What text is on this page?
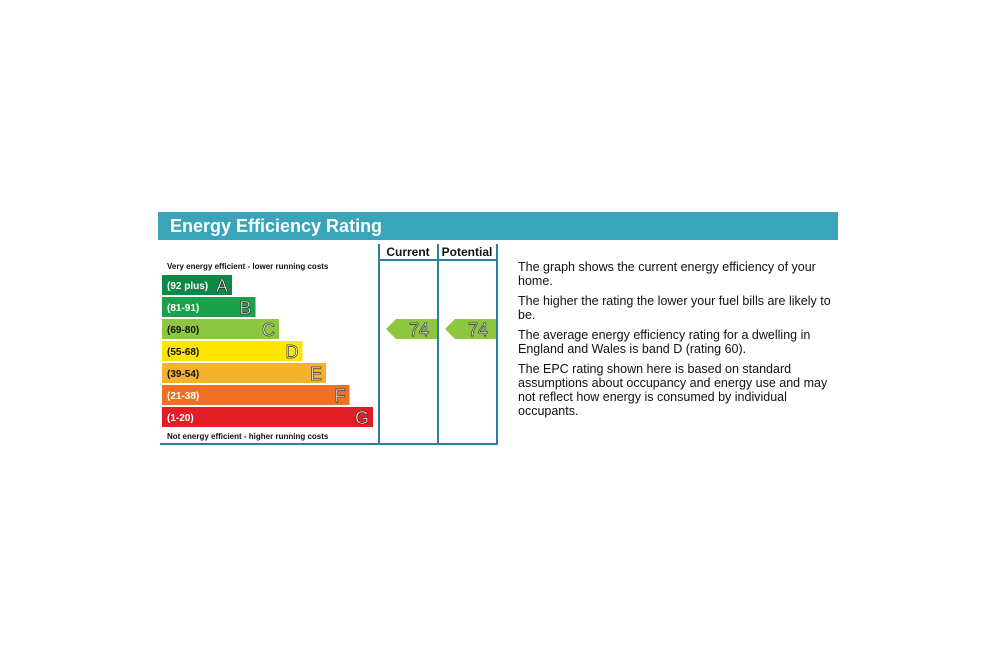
Energy Efficiency Rating
Current Potential
Very energy efficient - lower running costs
Not energy efficient - higher running costs
(92 plus) A
(81-91) B
(69-80)	C
(55-68)	D
(39-54)	E
(21-38)	F
(1-20)	G
74 74

The graph shows the current energy efficiency of your home.

The higher the rating the lower your fuel bills are likely to be.

The average energy efficiency rating for a dwelling in England and Wales is band D (rating 60).

The EPC rating shown here is based on standard assumptions about occupancy and energy use and may not reflect how energy is consumed by individual occupants.
